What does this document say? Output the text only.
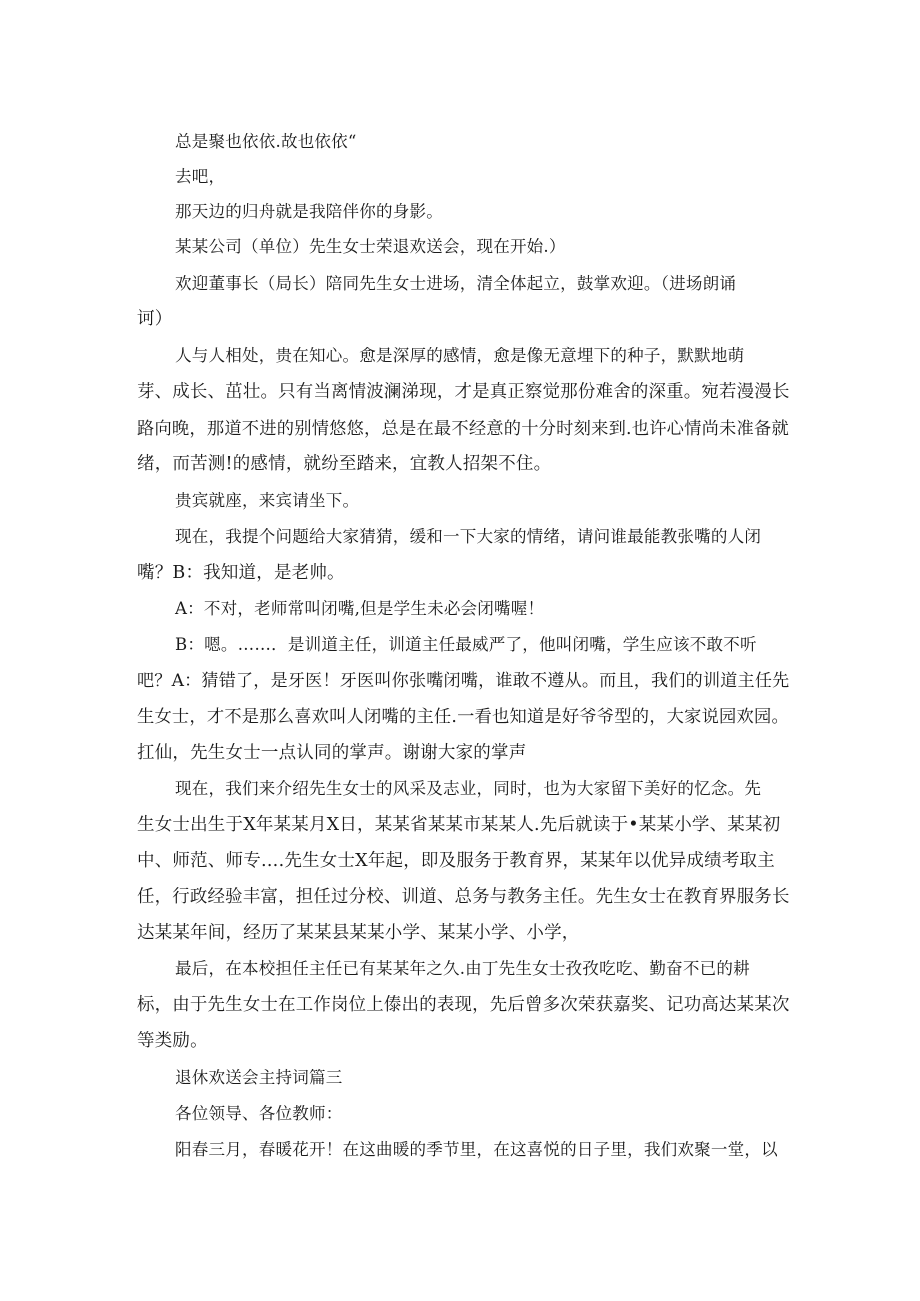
总是聚也依依.故也依依“
去吧，
那天边的归舟就是我陪伴你的身影。
某某公司（单位）先生女士荣退欢送会，现在开始.）
欢迎董事长（局长）陪同先生女士进场，清全体起立，鼓掌欢迎。（进场朗诵
诃）
人与人相处，贵在知心。愈是深厚的感情，愈是像无意埋下的种子，默默地萌
芽、成长、茁壮。只有当离情波澜涕现，才是真正察觉那份难舍的深重。宛若漫漫长
路向晚，那道不进的别情悠悠，总是在最不经意的十分时刻来到.也许心情尚未准备就
绪，而苦测!的感情，就纷至踏来，宜教人招架不住。
贵宾就座，来宾请坐下。
现在，我提个问题给大家猜猜，缓和一下大家的情绪，请问谁最能教张嘴的人闭
嘴？B：我知道，是老帅。
A：不对，老师常叫闭嘴,但是学生未必会闭嘴喔！
B：嗯。……．是训道主任，训道主任最威严了，他叫闭嘴，学生应该不敢不听
吧？A：猜错了，是牙医！牙医叫你张嘴闭嘴，谁敢不遵从。而且，我们的训道主任先
生女士，才不是那么喜欢叫人闭嘴的主任.一看也知道是好爷爷型的，大家说园欢园。
扛仙，先生女士一点认同的掌声。谢谢大家的掌声
现在，我们来介绍先生女士的风采及志业，同时，也为大家留下美好的忆念。先
生女士出生于X年某某月X日，某某省某某市某某人.先后就读于•某某小学、某某初
中、师范、师专….先生女士X年起，即及服务于教育界，某某年以优异成绩考取主
任，行政经验丰富，担任过分校、训道、总务与教务主任。先生女士在教育界服务长
达某某年间，经历了某某县某某小学、某某小学、小学，
最后，在本校担任主任已有某某年之久.由丁先生女士孜孜吃吃、勤奋不已的耕
标，由于先生女士在工作岗位上傣出的表现，先后曾多次荣获嘉奖、记功高达某某次
等类励。
退休欢送会主持词篇三
各位领导、各位教师：
阳春三月，春暖花开！在这曲暖的季节里，在这喜悦的日子里，我们欢聚一堂，以
